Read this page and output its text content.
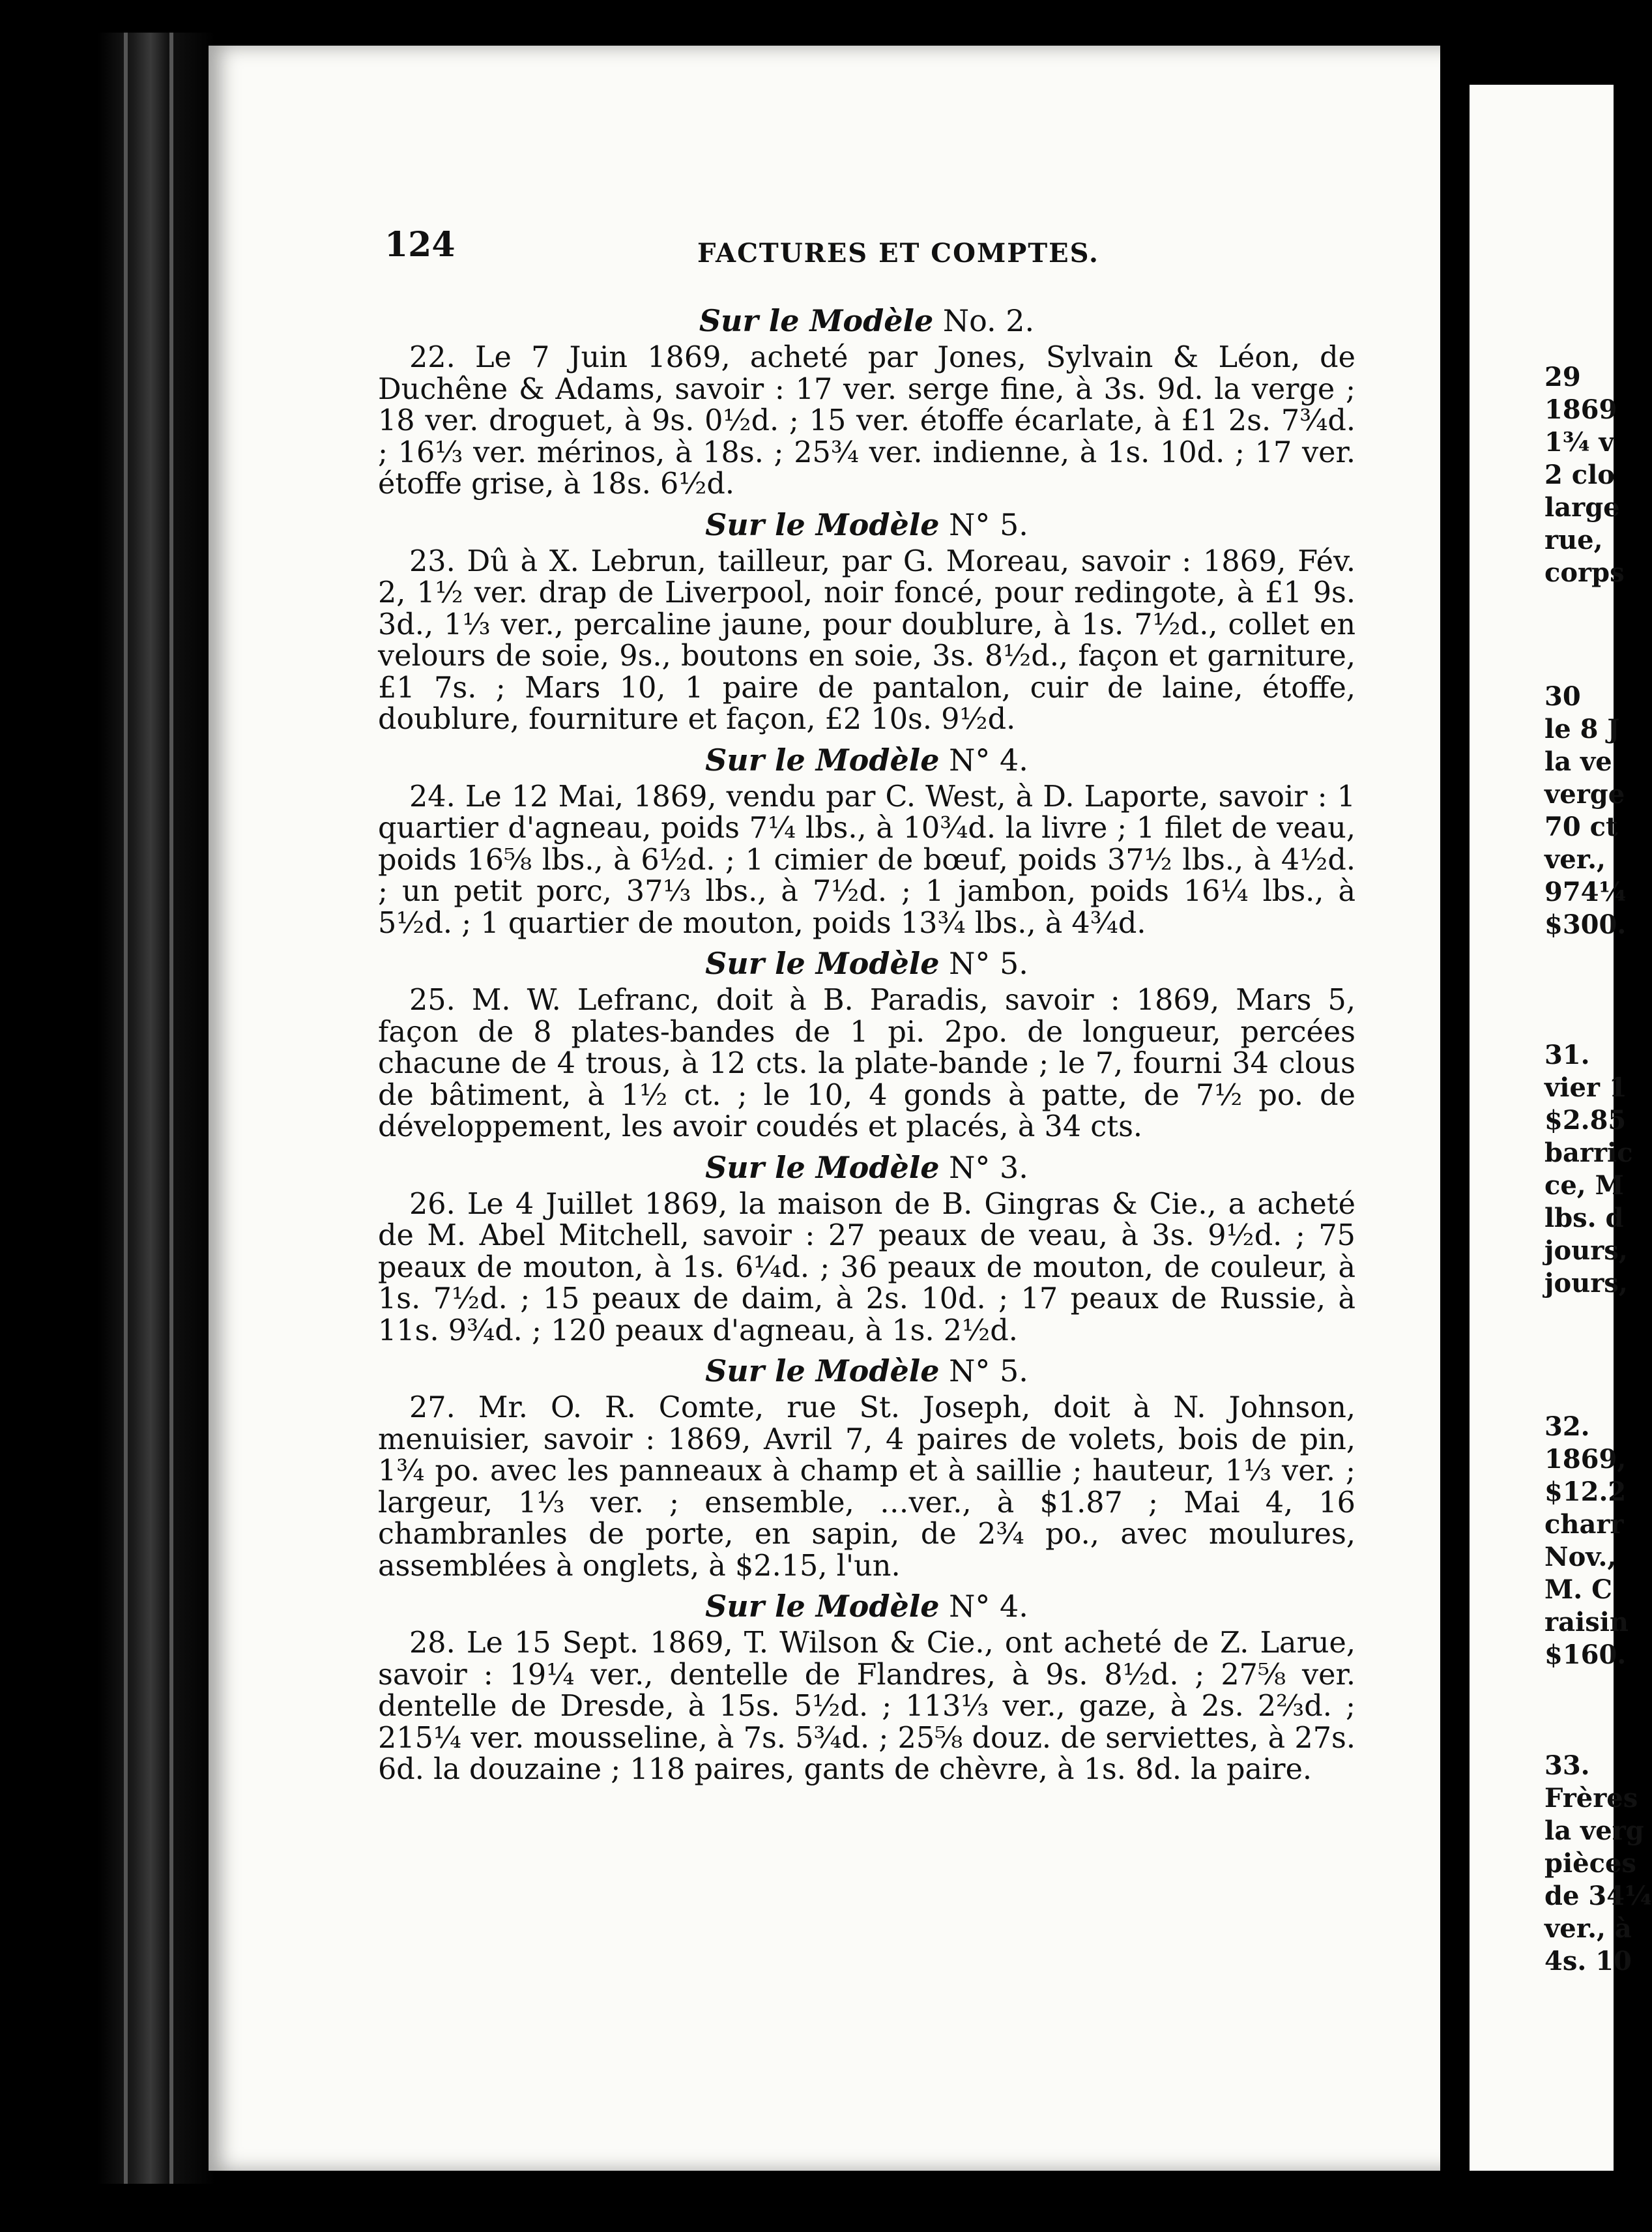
124	FACTURES ET COMPTES.
Sur le Modèle No. 2.

22. Le 7 Juin 1869, acheté par Jones, Sylvain & Léon, de Duchêne & Adams, savoir : 17 ver. serge fine, à 3s. 9d. la verge ; 18 ver. droguet, à 9s. 0½d. ; 15 ver. étoffe écarlate, à £1 2s. 7¾d. ; 16⅓ ver. mérinos, à 18s. ; 25¾ ver. indienne, à 1s. 10d. ; 17 ver. étoffe grise, à 18s. 6½d.

Sur le Modèle N° 5.

23. Dû à X. Lebrun, tailleur, par G. Moreau, savoir : 1869, Fév. 2, 1½ ver. drap de Liverpool, noir foncé, pour redingote, à £1 9s. 3d., 1⅓ ver., percaline jaune, pour doublure, à 1s. 7½d., collet en velours de soie, 9s., boutons en soie, 3s. 8½d., façon et garniture, £1 7s. ; Mars 10, 1 paire de pantalon, cuir de laine, étoffe, doublure, fourniture et façon, £2 10s. 9½d.

Sur le Modèle N° 4.

24. Le 12 Mai, 1869, vendu par C. West, à D. Laporte, savoir : 1 quartier d'agneau, poids 7¼ lbs., à 10¾d. la livre ; 1 filet de veau, poids 16⅝ lbs., à 6½d. ; 1 cimier de bœuf, poids 37½ lbs., à 4½d. ; un petit porc, 37⅓ lbs., à 7½d. ; 1 jambon, poids 16¼ lbs., à 5½d. ; 1 quartier de mouton, poids 13¾ lbs., à 4¾d.

Sur le Modèle N° 5.

25. M. W. Lefranc, doit à B. Paradis, savoir : 1869, Mars 5, façon de 8 plates-bandes de 1 pi. 2po. de longueur, percées chacune de 4 trous, à 12 cts. la plate-bande ; le 7, fourni 34 clous de bâtiment, à 1½ ct. ; le 10, 4 gonds à patte, de 7½ po. de développement, les avoir coudés et placés, à 34 cts.

Sur le Modèle N° 3.

26. Le 4 Juillet 1869, la maison de B. Gingras & Cie., a acheté de M. Abel Mitchell, savoir : 27 peaux de veau, à 3s. 9½d. ; 75 peaux de mouton, à 1s. 6¼d. ; 36 peaux de mouton, de couleur, à 1s. 7½d. ; 15 peaux de daim, à 2s. 10d. ; 17 peaux de Russie, à 11s. 9¾d. ; 120 peaux d'agneau, à 1s. 2½d.

Sur le Modèle N° 5.

27. Mr. O. R. Comte, rue St. Joseph, doit à N. Johnson, menuisier, savoir : 1869, Avril 7, 4 paires de volets, bois de pin, 1¾ po. avec les panneaux à champ et à saillie ; hauteur, 1⅓ ver. ; largeur, 1⅓ ver. ; ensemble, …ver., à $1.87 ; Mai 4, 16 chambranles de porte, en sapin, de 2¾ po., avec moulures, assemblées à onglets, à $2.15, l'un.

Sur le Modèle N° 4.

28. Le 15 Sept. 1869, T. Wilson & Cie., ont acheté de Z. Larue, savoir : 19¼ ver., dentelle de Flandres, à 9s. 8½d. ; 27⅝ ver. dentelle de Dresde, à 15s. 5½d. ; 113⅓ ver., gaze, à 2s. 2⅔d. ; 215¼ ver. mousseline, à 7s. 5¾d. ; 25⅝ douz. de serviettes, à 27s. 6d. la douzaine ; 118 paires, gants de chèvre, à 1s. 8d. la paire.

29
1869
1¾ v
2 clo
large
rue,
corps
30
le 8 J
la ve
verge
70 ct
ver.,
974¼
$300.
31.
vier 1
$2.85
barric
ce, M
lbs. d
jours,
jours,
32.
1869,
$12.2
charr
Nov.,
M. C
raisin
$160.
33.
Frères
la verg
pièces
de 34¼
ver., à
4s. 10
